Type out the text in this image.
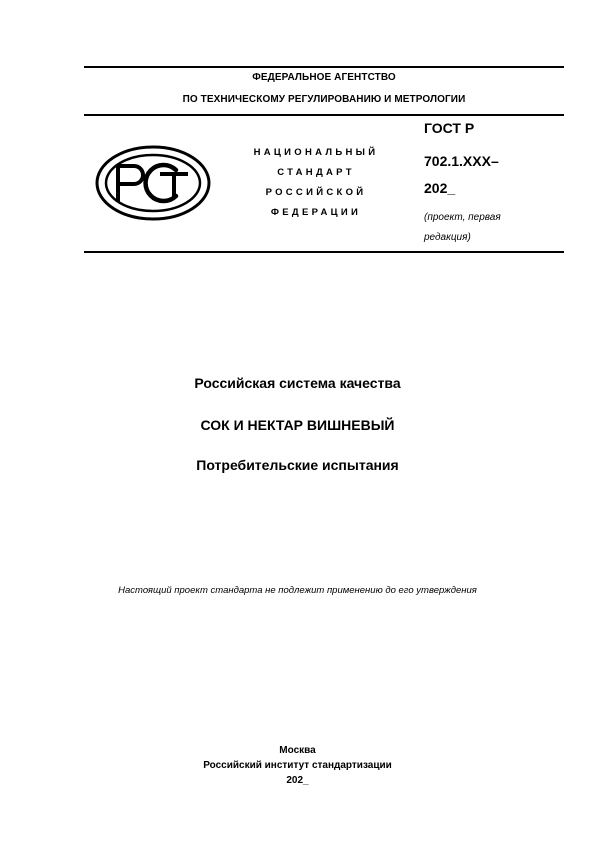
ФЕДЕРАЛЬНОЕ АГЕНТСТВО
ПО ТЕХНИЧЕСКОМУ РЕГУЛИРОВАНИЮ И МЕТРОЛОГИИ
НАЦИОНАЛЬНЫЙ
СТАНДАРТ
РОССИЙСКОЙ
ФЕДЕРАЦИИ
ГОСТ Р
702.1.XXX–
202_
(проект, первая
редакция)
Российская система качества
СОК И НЕКТАР ВИШНЕВЫЙ
Потребительские испытания
Настоящий проект стандарта не подлежит применению до его утверждения
Москва
Российский институт стандартизации
202_
